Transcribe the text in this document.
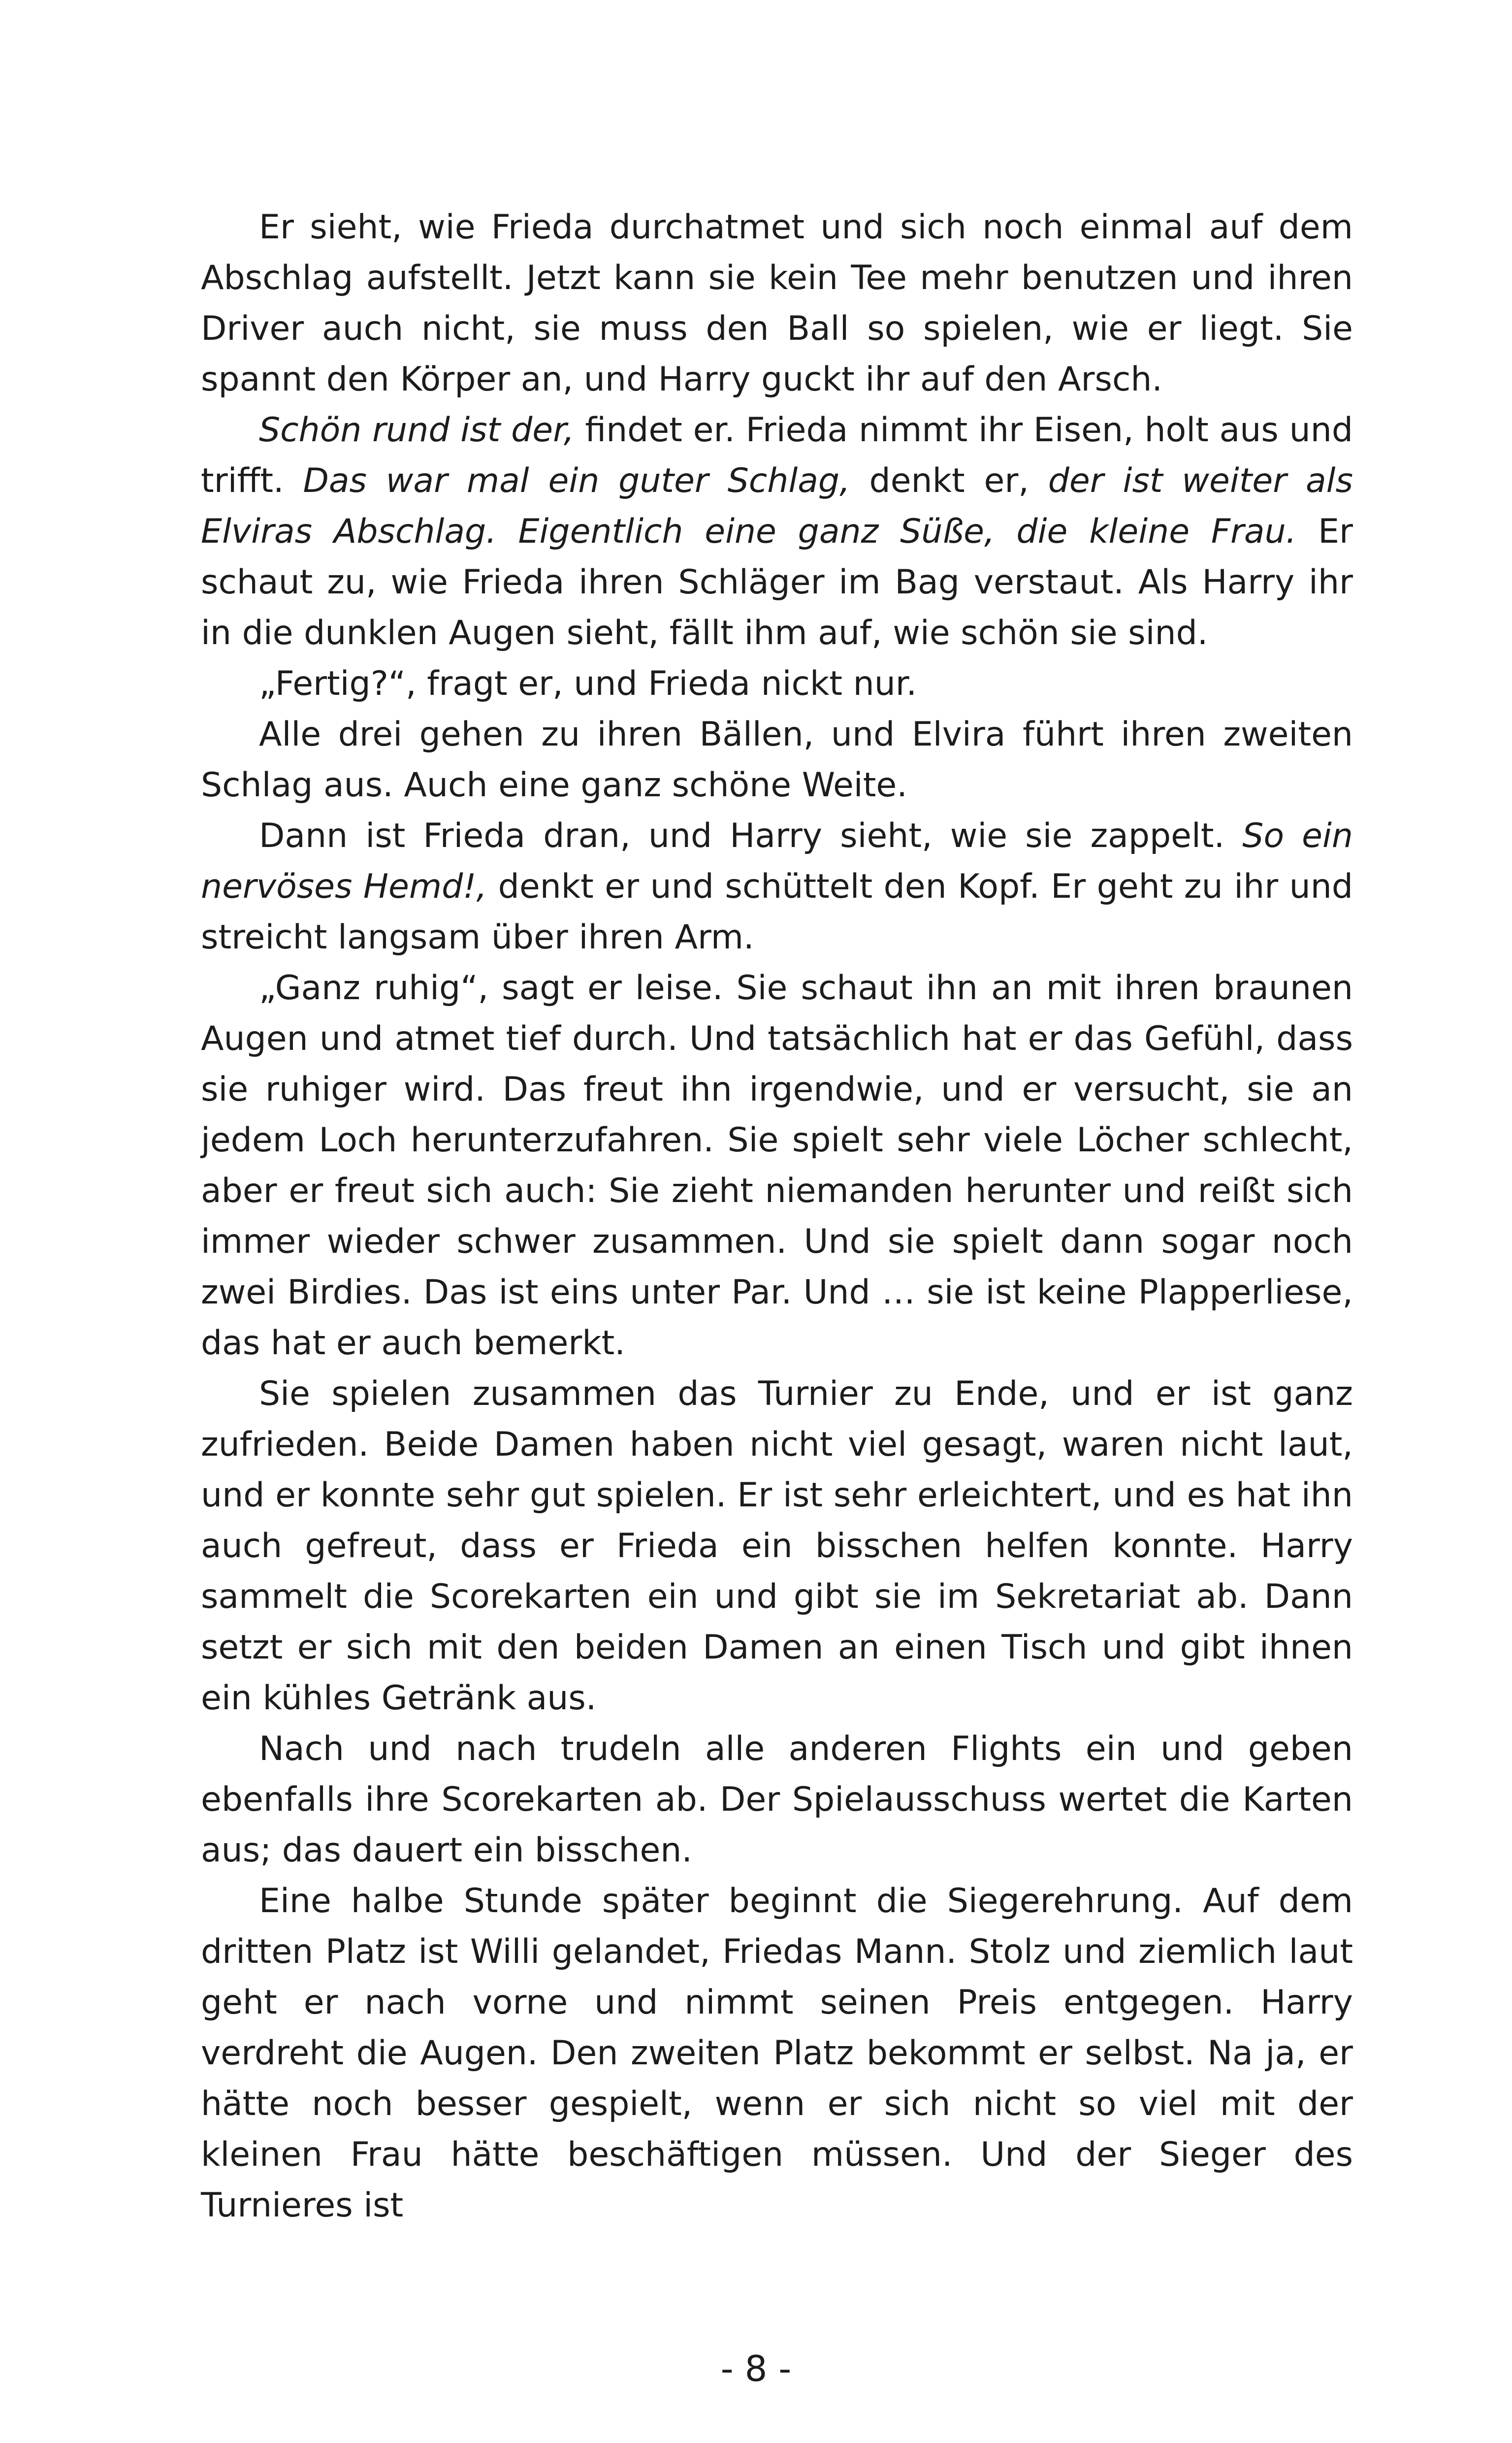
Er sieht, wie Frieda durchatmet und sich noch einmal auf dem Abschlag aufstellt. Jetzt kann sie kein Tee mehr benutzen und ihren Driver auch nicht, sie muss den Ball so spielen, wie er liegt. Sie spannt den Körper an, und Harry guckt ihr auf den Arsch.

Schön rund ist der, findet er. Frieda nimmt ihr Eisen, holt aus und trifft. Das war mal ein guter Schlag, denkt er, der ist weiter als Elviras Abschlag. Eigentlich eine ganz Süße, die kleine Frau. Er schaut zu, wie Frieda ihren Schläger im Bag verstaut. Als Harry ihr in die dunklen Augen sieht, fällt ihm auf, wie schön sie sind.

„Fertig?“, fragt er, und Frieda nickt nur.

Alle drei gehen zu ihren Bällen, und Elvira führt ihren zweiten Schlag aus. Auch eine ganz schöne Weite.

Dann ist Frieda dran, und Harry sieht, wie sie zappelt. So ein nervöses Hemd!, denkt er und schüttelt den Kopf. Er geht zu ihr und streicht langsam über ihren Arm.

„Ganz ruhig“, sagt er leise. Sie schaut ihn an mit ihren braunen Augen und atmet tief durch. Und tatsächlich hat er das Gefühl, dass sie ruhiger wird. Das freut ihn irgendwie, und er versucht, sie an jedem Loch herunterzufahren. Sie spielt sehr viele Löcher schlecht, aber er freut sich auch: Sie zieht niemanden herunter und reißt sich immer wieder schwer zusammen. Und sie spielt dann sogar noch zwei Birdies. Das ist eins unter Par. Und … sie ist keine Plapperliese, das hat er auch bemerkt.

Sie spielen zusammen das Turnier zu Ende, und er ist ganz zufrieden. Beide Damen haben nicht viel gesagt, waren nicht laut, und er konnte sehr gut spielen. Er ist sehr erleichtert, und es hat ihn auch gefreut, dass er Frieda ein bisschen helfen konnte. Harry sammelt die Scorekarten ein und gibt sie im Sekretariat ab. Dann setzt er sich mit den beiden Damen an einen Tisch und gibt ihnen ein kühles Getränk aus.

Nach und nach trudeln alle anderen Flights ein und geben ebenfalls ihre Scorekarten ab. Der Spielausschuss wertet die Karten aus; das dauert ein bisschen.

Eine halbe Stunde später beginnt die Siegerehrung. Auf dem dritten Platz ist Willi gelandet, Friedas Mann. Stolz und ziemlich laut geht er nach vorne und nimmt seinen Preis entgegen. Harry verdreht die Augen. Den zweiten Platz bekommt er selbst. Na ja, er hätte noch besser gespielt, wenn er sich nicht so viel mit der kleinen Frau hätte beschäftigen müssen. Und der Sieger des Turnieres ist

- 8 -
